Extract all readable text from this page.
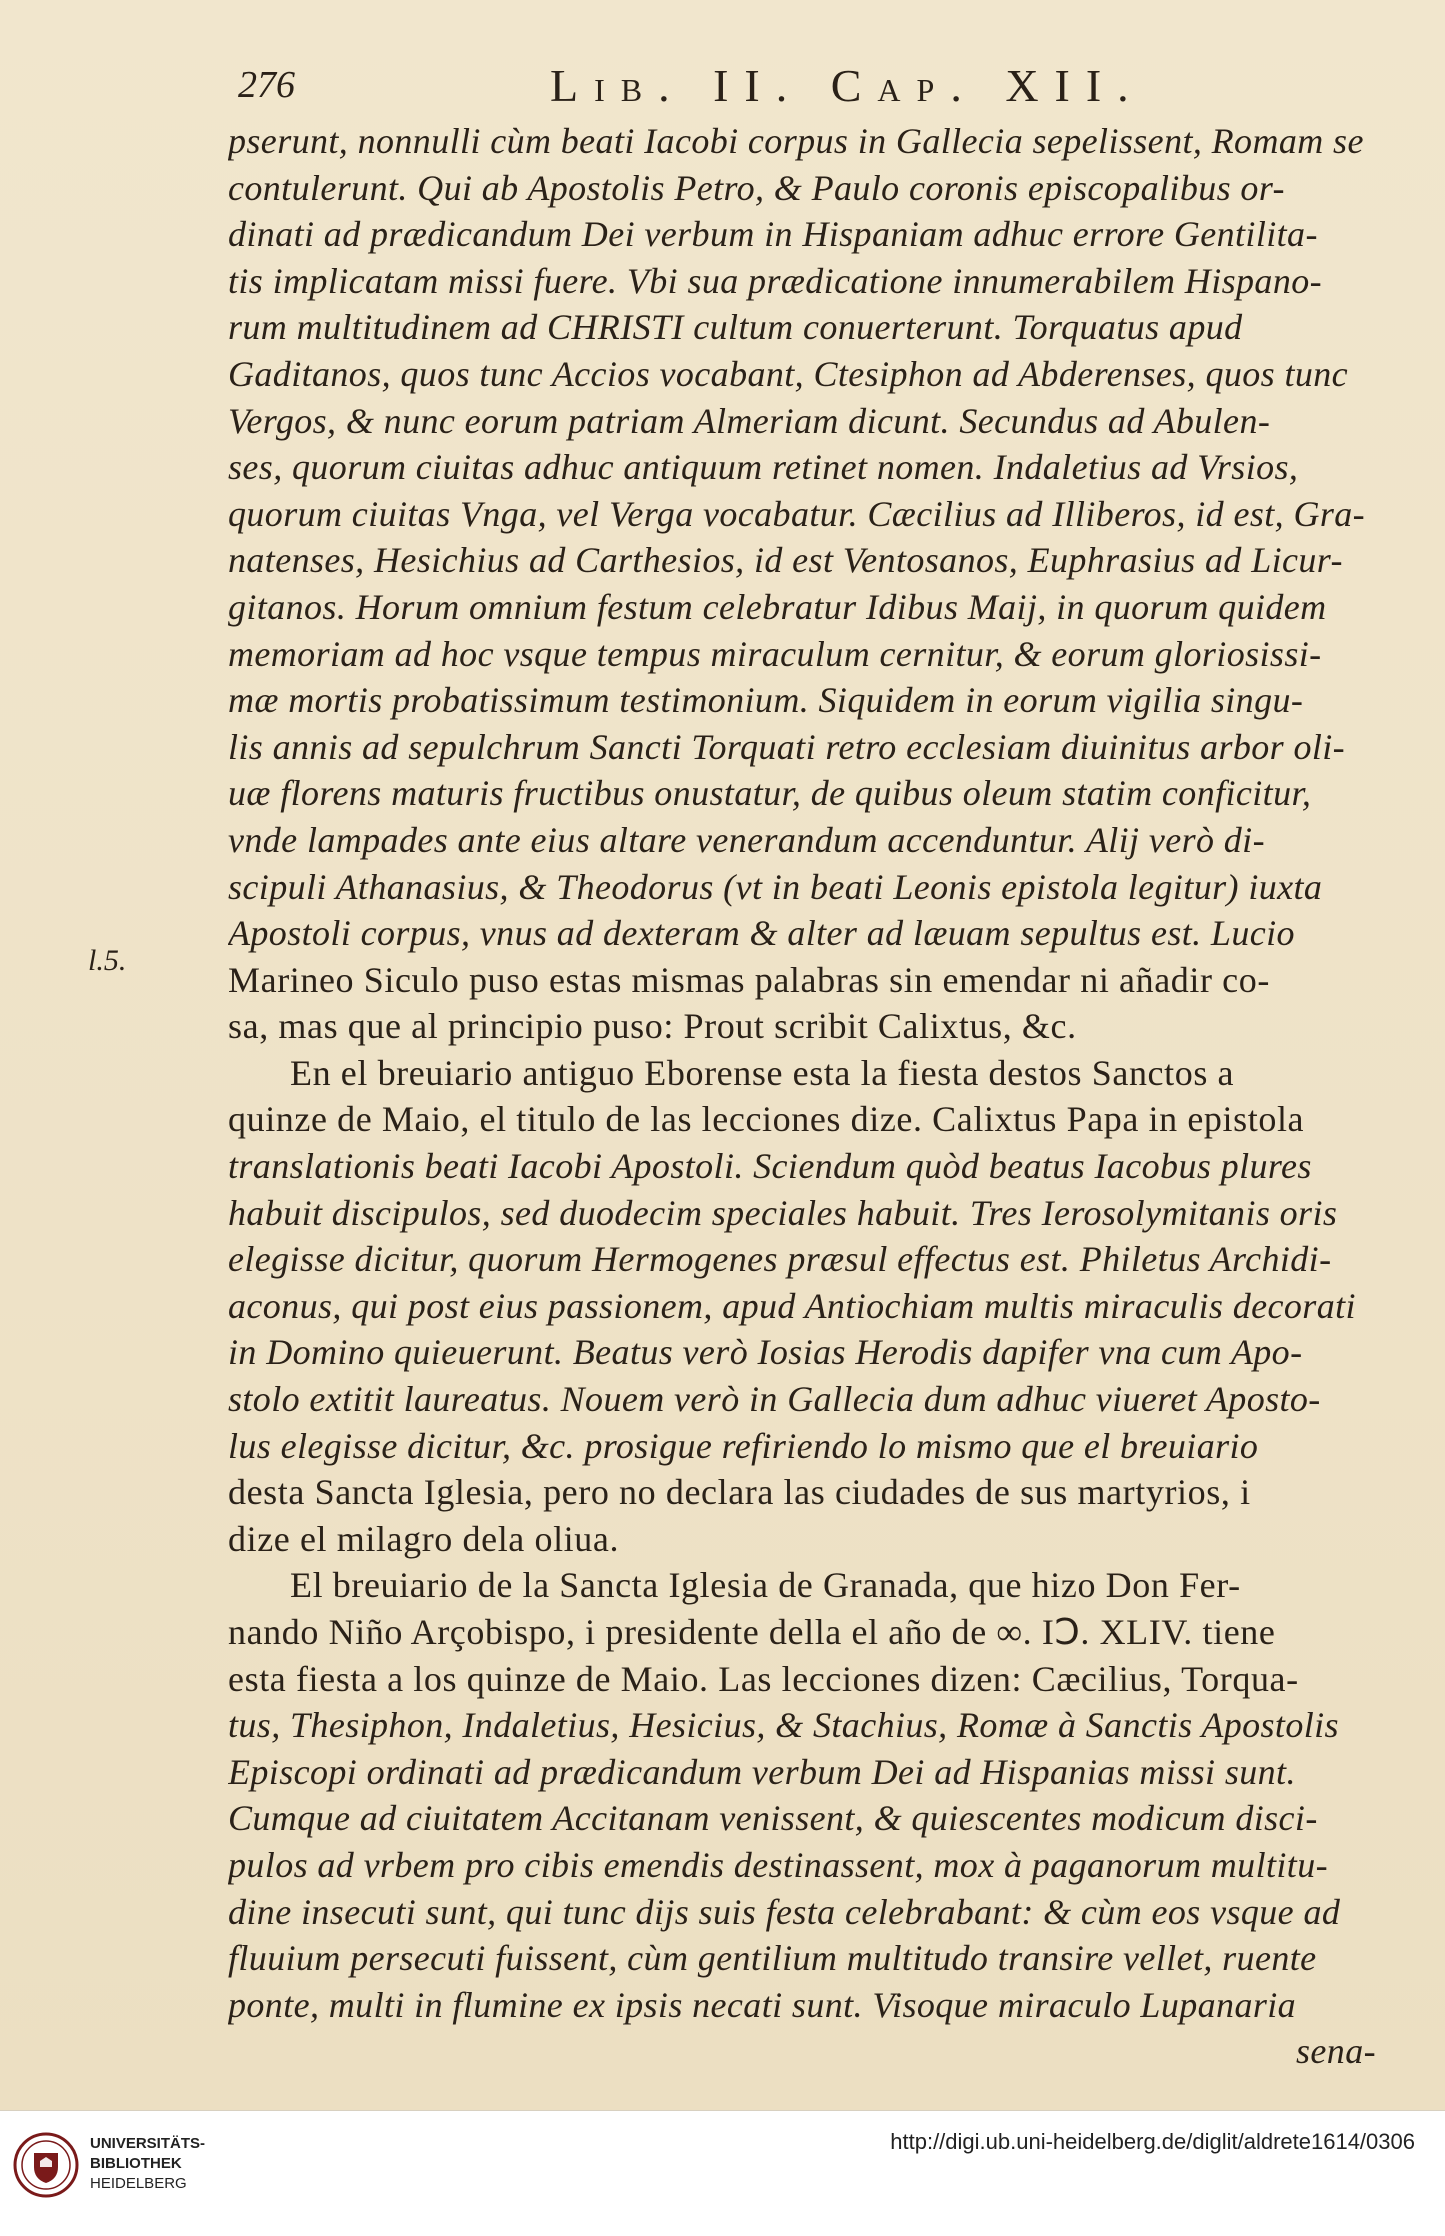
276	Lib. II. Cap. XII.
l.5.
pserunt, nonnulli cùm beati Iacobi corpus in Gallecia sepelissent, Romam se
contulerunt. Qui ab Apostolis Petro, & Paulo coronis episcopalibus or-
dinati ad prædicandum Dei verbum in Hispaniam adhuc errore Gentilita-
tis implicatam missi fuere. Vbi sua prædicatione innumerabilem Hispano-
rum multitudinem ad CHRISTI cultum conuerterunt. Torquatus apud
Gaditanos, quos tunc Accios vocabant, Ctesiphon ad Abderenses, quos tunc
Vergos, & nunc eorum patriam Almeriam dicunt. Secundus ad Abulen-
ses, quorum ciuitas adhuc antiquum retinet nomen. Indaletius ad Vrsios,
quorum ciuitas Vnga, vel Verga vocabatur. Cæcilius ad Illiberos, id est, Gra-
natenses, Hesichius ad Carthesios, id est Ventosanos, Euphrasius ad Licur-
gitanos. Horum omnium festum celebratur Idibus Maij, in quorum quidem
memoriam ad hoc vsque tempus miraculum cernitur, & eorum gloriosissi-
mæ mortis probatissimum testimonium. Siquidem in eorum vigilia singu-
lis annis ad sepulchrum Sancti Torquati retro ecclesiam diuinitus arbor oli-
uæ florens maturis fructibus onustatur, de quibus oleum statim conficitur,
vnde lampades ante eius altare venerandum accenduntur. Alij verò di-
scipuli Athanasius, & Theodorus (vt in beati Leonis epistola legitur) iuxta
Apostoli corpus, vnus ad dexteram & alter ad læuam sepultus est. Lucio
Marineo Siculo puso estas mismas palabras sin emendar ni añadir co-
sa, mas que al principio puso: Prout scribit Calixtus, &c.
En el breuiario antiguo Eborense esta la fiesta destos Sanctos a
quinze de Maio, el titulo de las lecciones dize. Calixtus Papa in epistola
translationis beati Iacobi Apostoli. Sciendum quòd beatus Iacobus plures
habuit discipulos, sed duodecim speciales habuit. Tres Ierosolymitanis oris
elegisse dicitur, quorum Hermogenes præsul effectus est. Philetus Archidi-
aconus, qui post eius passionem, apud Antiochiam multis miraculis decorati
in Domino quieuerunt. Beatus verò Iosias Herodis dapifer vna cum Apo-
stolo extitit laureatus. Nouem verò in Gallecia dum adhuc viueret Aposto-
lus elegisse dicitur, &c. prosigue refiriendo lo mismo que el breuiario
desta Sancta Iglesia, pero no declara las ciudades de sus martyrios, i
dize el milagro dela oliua.
El breuiario de la Sancta Iglesia de Granada, que hizo Don Fer-
nando Niño Arçobispo, i presidente della el año de ∞. IↃ. XLIV. tiene
esta fiesta a los quinze de Maio. Las lecciones dizen: Cæcilius, Torqua-
tus, Thesiphon, Indaletius, Hesicius, & Stachius, Romæ à Sanctis Apostolis
Episcopi ordinati ad prædicandum verbum Dei ad Hispanias missi sunt.
Cumque ad ciuitatem Accitanam venissent, & quiescentes modicum disci-
pulos ad vrbem pro cibis emendis destinassent, mox à paganorum multitu-
dine insecuti sunt, qui tunc dijs suis festa celebrabant: & cùm eos vsque ad
fluuium persecuti fuissent, cùm gentilium multitudo transire vellet, ruente
ponte, multi in flumine ex ipsis necati sunt. Visoque miraculo Lupanaria
sena-
UNIVERSITÄTS-
BIBLIOTHEK
HEIDELBERG
http://digi.ub.uni-heidelberg.de/diglit/aldrete1614/0306
